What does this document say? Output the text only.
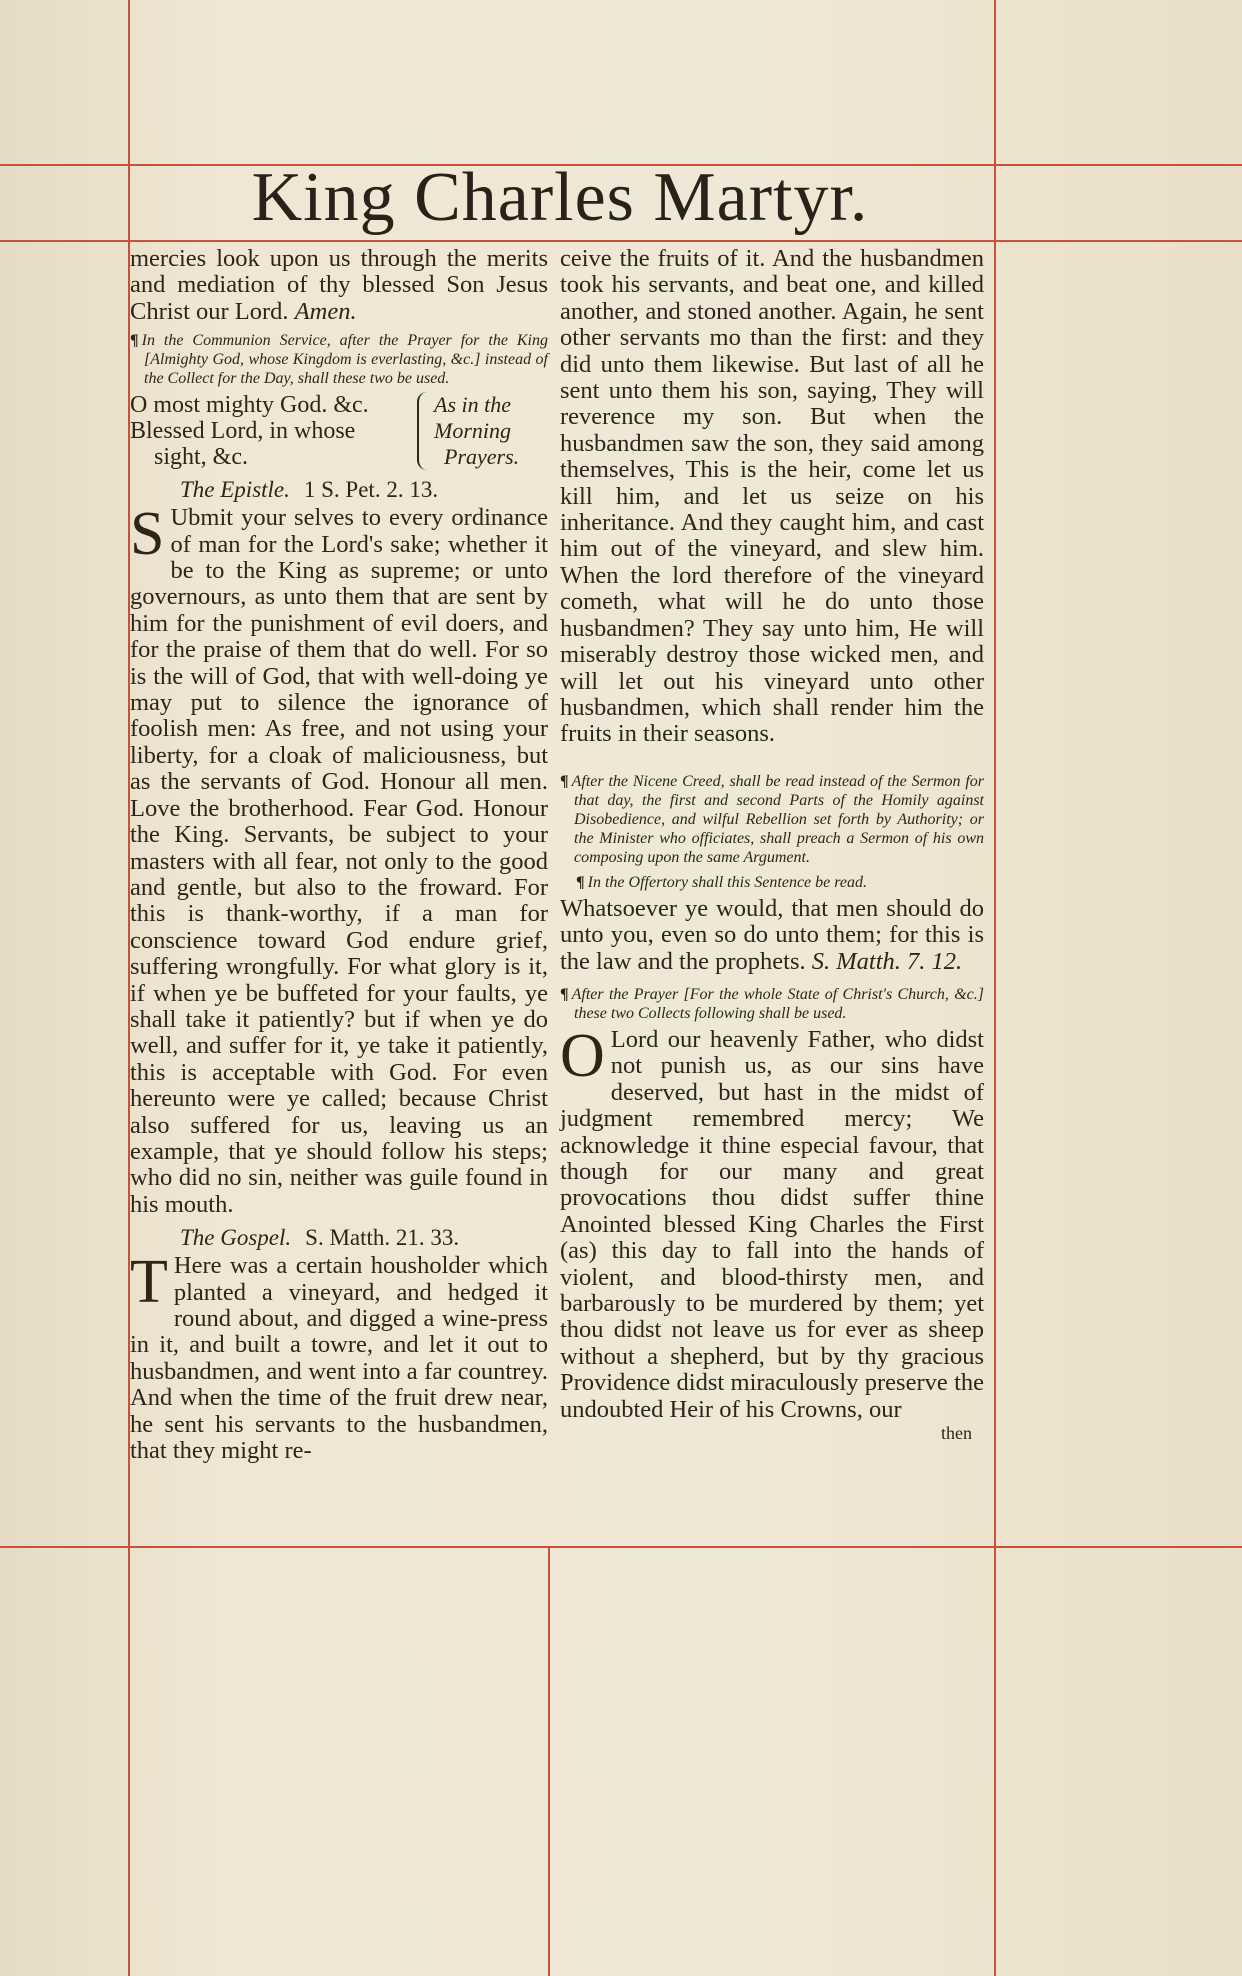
King Charles Martyr.

mercies look upon us through the merits and mediation of thy blessed Son Jesus Christ our Lord. Amen.

¶ In the Communion Service, after the Prayer for the King [Almighty God, whose Kingdom is everlasting, &c.] instead of the Collect for the Day, shall these two be used.

O most mighty God. &c.
Blessed Lord, in whose
sight, &c.
As in the
Morning
Prayers.

The Epistle. 1 S. Pet. 2. 13.

S Ubmit your selves to every ordinance of man for the Lord's sake; whether it be to the King as supreme; or unto governours, as unto them that are sent by him for the punishment of evil doers, and for the praise of them that do well. For so is the will of God, that with well-doing ye may put to silence the ignorance of foolish men: As free, and not using your liberty, for a cloak of maliciousness, but as the servants of God. Honour all men. Love the brotherhood. Fear God. Honour the King. Servants, be subject to your masters with all fear, not only to the good and gentle, but also to the froward. For this is thank-worthy, if a man for conscience toward God endure grief, suffering wrongfully. For what glory is it, if when ye be buffeted for your faults, ye shall take it patiently? but if when ye do well, and suffer for it, ye take it patiently, this is acceptable with God. For even hereunto were ye called; because Christ also suffered for us, leaving us an example, that ye should follow his steps; who did no sin, neither was guile found in his mouth.

The Gospel. S. Matth. 21. 33.

T Here was a certain housholder which planted a vineyard, and hedged it round about, and digged a wine-press in it, and built a towre, and let it out to husbandmen, and went into a far countrey. And when the time of the fruit drew near, he sent his servants to the husbandmen, that they might re-

ceive the fruits of it. And the husbandmen took his servants, and beat one, and killed another, and stoned another. Again, he sent other servants mo than the first: and they did unto them likewise. But last of all he sent unto them his son, saying, They will reverence my son. But when the husbandmen saw the son, they said among themselves, This is the heir, come let us kill him, and let us seize on his inheritance. And they caught him, and cast him out of the vineyard, and slew him. When the lord therefore of the vineyard cometh, what will he do unto those husbandmen? They say unto him, He will miserably destroy those wicked men, and will let out his vineyard unto other husbandmen, which shall render him the fruits in their seasons.

¶ After the Nicene Creed, shall be read instead of the Sermon for that day, the first and second Parts of the Homily against Disobedience, and wilful Rebellion set forth by Authority; or the Minister who officiates, shall preach a Sermon of his own composing upon the same Argument.

¶ In the Offertory shall this Sentence be read.

Whatsoever ye would, that men should do unto you, even so do unto them; for this is the law and the prophets. S. Matth. 7. 12.

¶ After the Prayer [For the whole State of Christ's Church, &c.] these two Collects following shall be used.

O Lord our heavenly Father, who didst not punish us, as our sins have deserved, but hast in the midst of judgment remembred mercy; We acknowledge it thine especial favour, that though for our many and great provocations thou didst suffer thine Anointed blessed King Charles the First (as) this day to fall into the hands of violent, and blood-thirsty men, and barbarously to be murdered by them; yet thou didst not leave us for ever as sheep without a shepherd, but by thy gracious Providence didst miraculously preserve the undoubted Heir of his Crowns, our

then
